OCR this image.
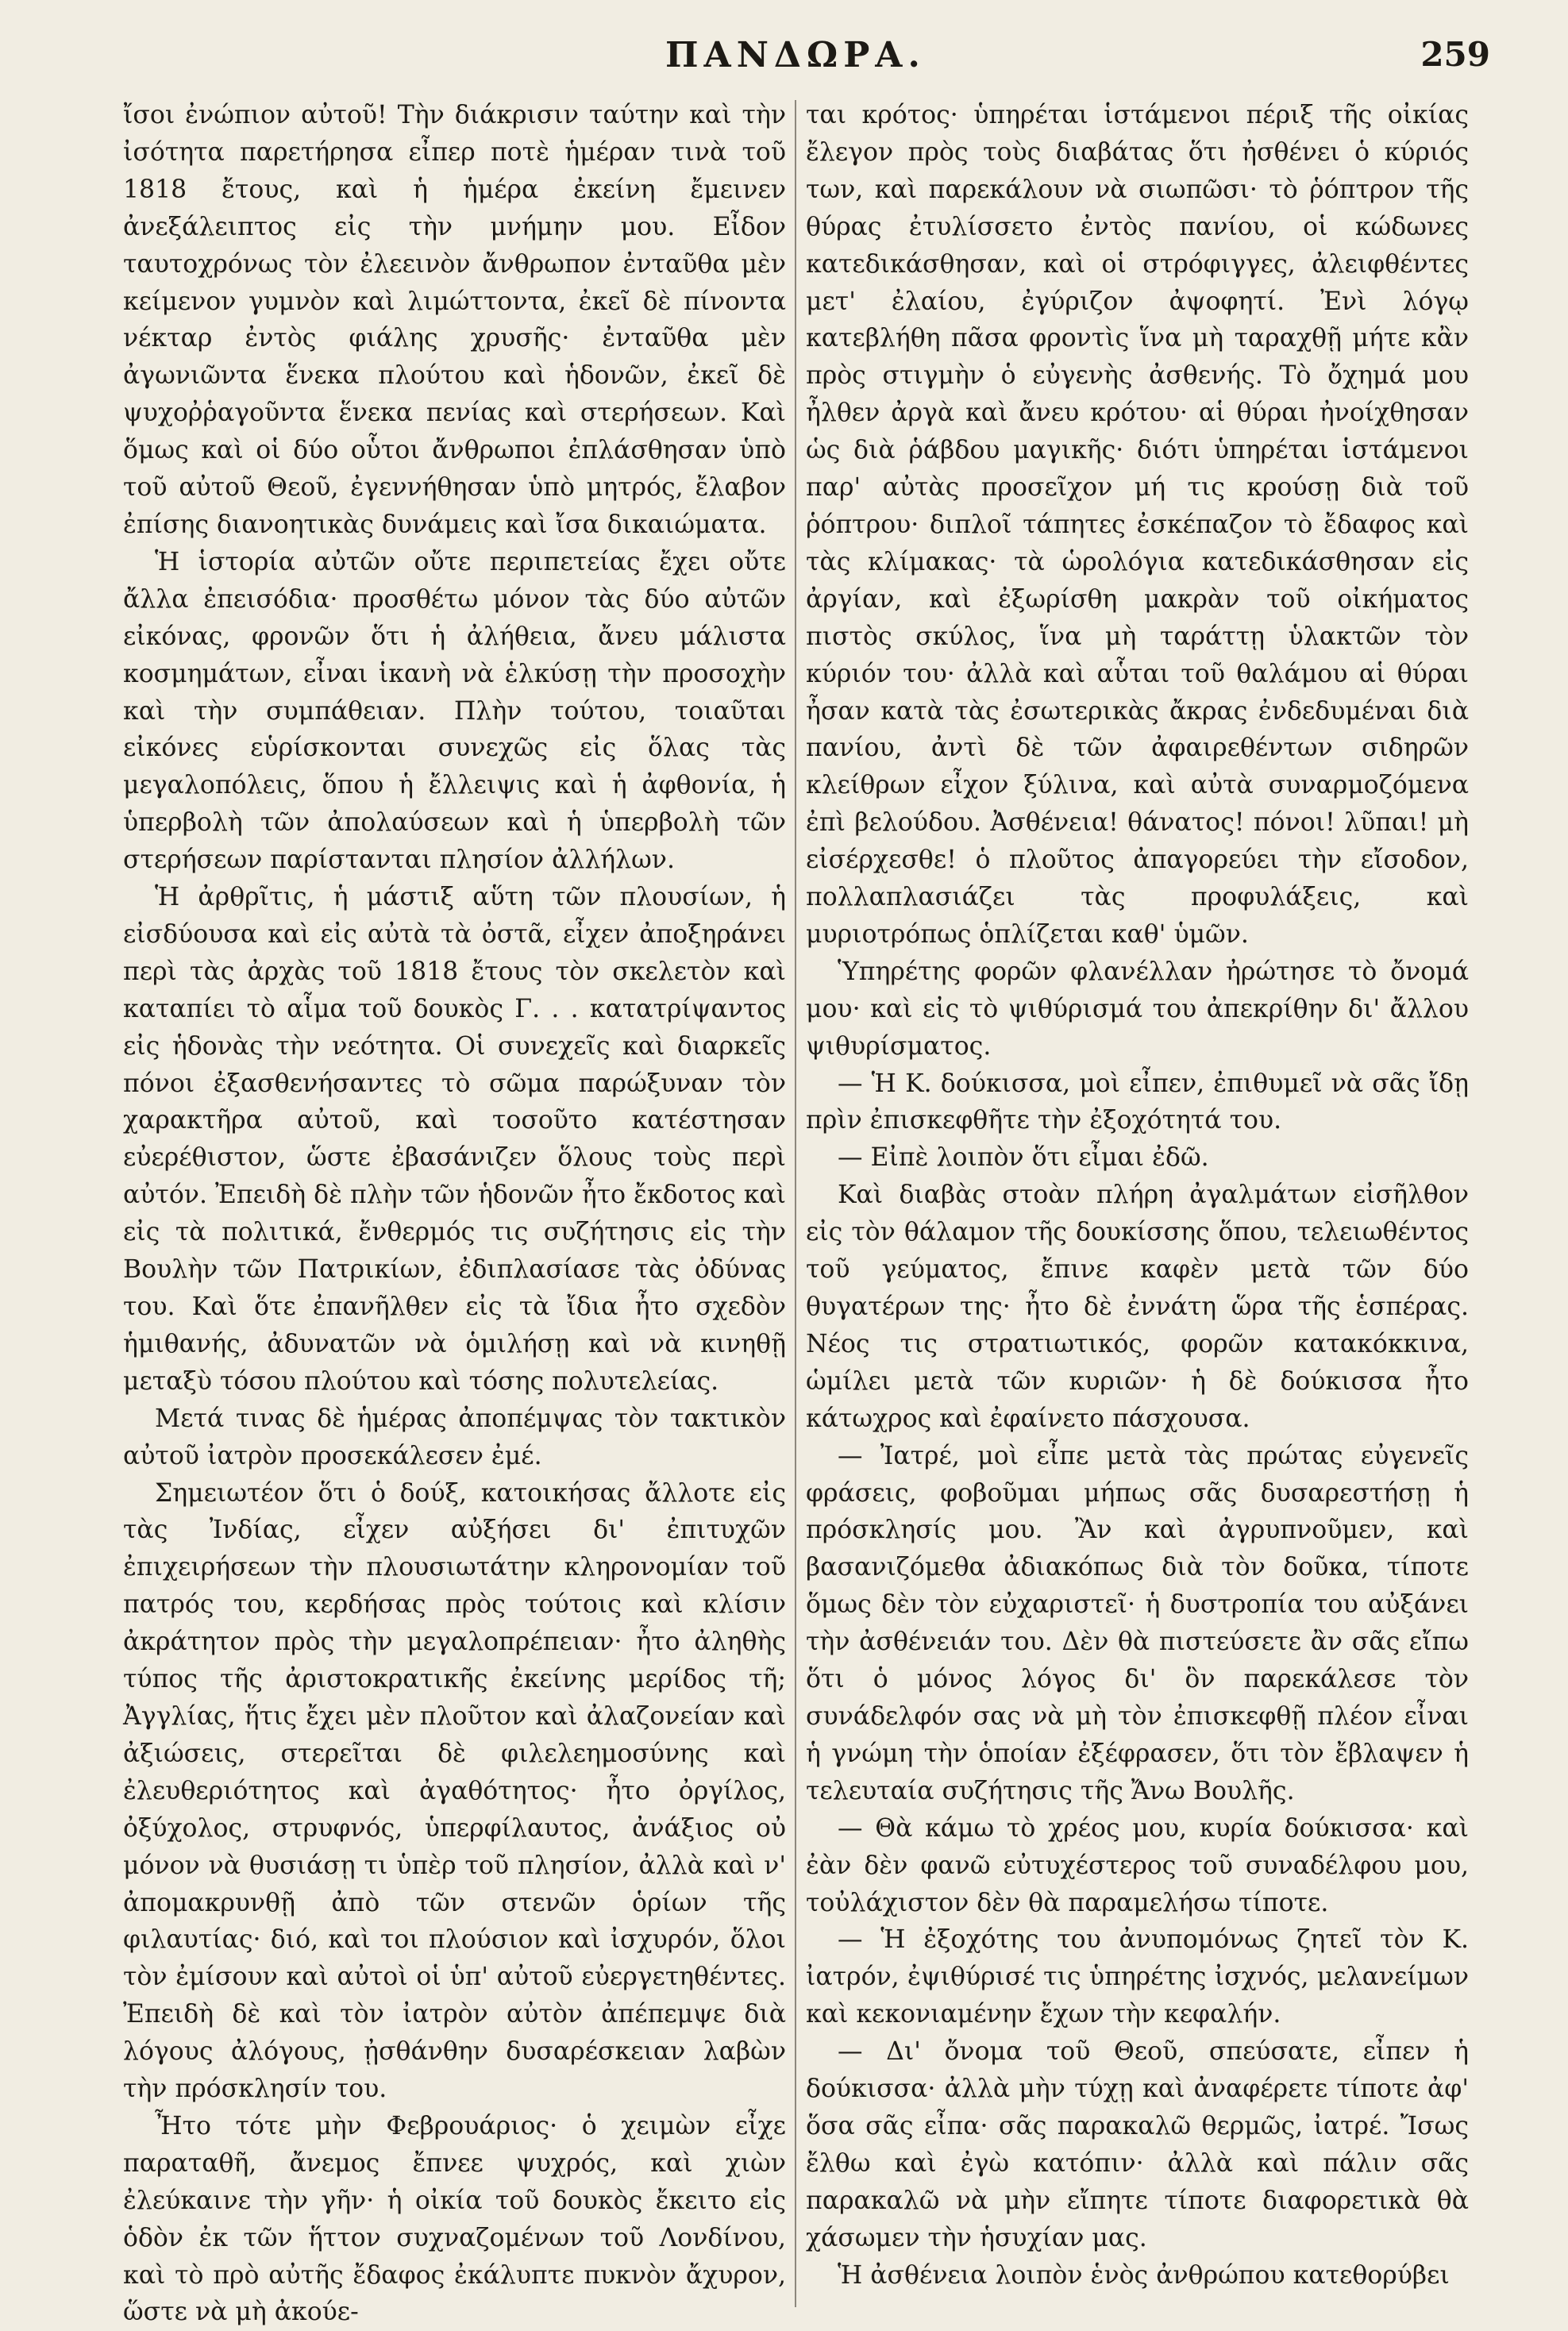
ΠΑΝΔΩΡΑ.	259

ἴσοι ἐνώπιον αὐτοῦ! Τὴν διάκρισιν ταύτην καὶ τὴν ἰσότητα παρετήρησα εἶπερ ποτὲ ἡμέραν τινὰ τοῦ 1818 ἔτους, καὶ ἡ ἡμέρα ἐκείνη ἔμεινεν ἀνεξάλειπτος εἰς τὴν μνήμην μου. Εἶδον ταυτοχρόνως τὸν ἐλεεινὸν ἄνθρωπον ἐνταῦθα μὲν κείμενον γυμνὸν καὶ λιμώττοντα, ἐκεῖ δὲ πίνοντα νέκταρ ἐντὸς φιάλης χρυσῆς· ἐνταῦθα μὲν ἀγωνιῶντα ἕνεκα πλούτου καὶ ἡδονῶν, ἐκεῖ δὲ ψυχοῤῥαγοῦντα ἕνεκα πενίας καὶ στερήσεων. Καὶ ὅμως καὶ οἱ δύο οὗτοι ἄνθρωποι ἐπλάσθησαν ὑπὸ τοῦ αὐτοῦ Θεοῦ, ἐγεννήθησαν ὑπὸ μητρός, ἔλαβον ἐπίσης διανοητικὰς δυνάμεις καὶ ἴσα δικαιώματα.

Ἡ ἱστορία αὐτῶν οὔτε περιπετείας ἔχει οὔτε ἄλλα ἐπεισόδια· προσθέτω μόνον τὰς δύο αὐτῶν εἰκόνας, φρονῶν ὅτι ἡ ἀλήθεια, ἄνευ μάλιστα κοσμημάτων, εἶναι ἱκανὴ νὰ ἑλκύσῃ τὴν προσοχὴν καὶ τὴν συμπάθειαν. Πλὴν τούτου, τοιαῦται εἰκόνες εὑρίσκονται συνεχῶς εἰς ὅλας τὰς μεγαλοπόλεις, ὅπου ἡ ἔλλειψις καὶ ἡ ἀφθονία, ἡ ὑπερβολὴ τῶν ἀπολαύσεων καὶ ἡ ὑπερβολὴ τῶν στερήσεων παρίστανται πλησίον ἀλλήλων.

Ἡ ἀρθρῖτις, ἡ μάστιξ αὕτη τῶν πλουσίων, ἡ εἰσδύουσα καὶ εἰς αὐτὰ τὰ ὀστᾶ, εἶχεν ἀποξηράνει περὶ τὰς ἀρχὰς τοῦ 1818 ἔτους τὸν σκελετὸν καὶ καταπίει τὸ αἷμα τοῦ δουκὸς Γ. . . κατατρίψαντος εἰς ἡδονὰς τὴν νεότητα. Οἱ συνεχεῖς καὶ διαρκεῖς πόνοι ἐξασθενήσαντες τὸ σῶμα παρώξυναν τὸν χαρακτῆρα αὐτοῦ, καὶ τοσοῦτο κατέστησαν εὐερέθιστον, ὥστε ἐβασάνιζεν ὅλους τοὺς περὶ αὐτόν. Ἐπειδὴ δὲ πλὴν τῶν ἡδονῶν ἦτο ἔκδοτος καὶ εἰς τὰ πολιτικά, ἔνθερμός τις συζήτησις εἰς τὴν Βουλὴν τῶν Πατρικίων, ἐδιπλασίασε τὰς ὀδύνας του. Καὶ ὅτε ἐπανῆλθεν εἰς τὰ ἴδια ἦτο σχεδὸν ἡμιθανής, ἀδυνατῶν νὰ ὁμιλήσῃ καὶ νὰ κινηθῇ μεταξὺ τόσου πλούτου καὶ τόσης πολυτελείας.

Μετά τινας δὲ ἡμέρας ἀποπέμψας τὸν τακτικὸν αὐτοῦ ἰατρὸν προσεκάλεσεν ἐμέ.

Σημειωτέον ὅτι ὁ δούξ, κατοικήσας ἄλλοτε εἰς τὰς Ἰνδίας, εἶχεν αὐξήσει δι' ἐπιτυχῶν ἐπιχειρήσεων τὴν πλουσιωτάτην κληρονομίαν τοῦ πατρός του, κερδήσας πρὸς τούτοις καὶ κλίσιν ἀκράτητον πρὸς τὴν μεγαλοπρέπειαν· ἦτο ἀληθὴς τύπος τῆς ἀριστοκρατικῆς ἐκείνης μερίδος τῆ; Ἀγγλίας, ἥτις ἔχει μὲν πλοῦτον καὶ ἀλαζονείαν καὶ ἀξιώσεις, στερεῖται δὲ φιλελεημοσύνης καὶ ἐλευθεριότητος καὶ ἀγαθότητος· ἦτο ὀργίλος, ὀξύχολος, στρυφνός, ὑπερφίλαυτος, ἀνάξιος οὐ μόνον νὰ θυσιάσῃ τι ὑπὲρ τοῦ πλησίον, ἀλλὰ καὶ ν' ἀπομακρυνθῇ ἀπὸ τῶν στενῶν ὁρίων τῆς φιλαυτίας· διό, καὶ τοι πλούσιον καὶ ἰσχυρόν, ὅλοι τὸν ἐμίσουν καὶ αὐτοὶ οἱ ὑπ' αὐτοῦ εὐεργετηθέντες. Ἐπειδὴ δὲ καὶ τὸν ἰατρὸν αὐτὸν ἀπέπεμψε διὰ λόγους ἀλόγους, ᾐσθάνθην δυσαρέσκειαν λαβὼν τὴν πρόσκλησίν του.

Ἦτο τότε μὴν Φεβρουάριος· ὁ χειμὼν εἶχε παραταθῆ, ἄνεμος ἔπνεε ψυχρός, καὶ χιὼν ἐλεύκαινε τὴν γῆν· ἡ οἰκία τοῦ δουκὸς ἔκειτο εἰς ὁδὸν ἐκ τῶν ἥττον συχναζομένων τοῦ Λονδίνου, καὶ τὸ πρὸ αὐτῆς ἔδαφος ἐκάλυπτε πυκνὸν ἄχυρον, ὥστε νὰ μὴ ἀκούε-

ται κρότος· ὑπηρέται ἱστάμενοι πέριξ τῆς οἰκίας ἔλεγον πρὸς τοὺς διαβάτας ὅτι ἠσθένει ὁ κύριός των, καὶ παρεκάλουν νὰ σιωπῶσι· τὸ ῥόπτρον τῆς θύρας ἐτυλίσσετο ἐντὸς πανίου, οἱ κώδωνες κατεδικάσθησαν, καὶ οἱ στρόφιγγες, ἀλειφθέντες μετ' ἐλαίου, ἐγύριζον ἀψοφητί. Ἐνὶ λόγῳ κατεβλήθη πᾶσα φροντὶς ἵνα μὴ ταραχθῇ μήτε κἂν πρὸς στιγμὴν ὁ εὐγενὴς ἀσθενής. Τὸ ὄχημά μου ἦλθεν ἀργὰ καὶ ἄνευ κρότου· αἱ θύραι ἠνοίχθησαν ὡς διὰ ῥάβδου μαγικῆς· διότι ὑπηρέται ἱστάμενοι παρ' αὐτὰς προσεῖχον μή τις κρούσῃ διὰ τοῦ ῥόπτρου· διπλοῖ τάπητες ἐσκέπαζον τὸ ἔδαφος καὶ τὰς κλίμακας· τὰ ὡρολόγια κατεδικάσθησαν εἰς ἀργίαν, καὶ ἐξωρίσθη μακρὰν τοῦ οἰκήματος πιστὸς σκύλος, ἵνα μὴ ταράττῃ ὑλακτῶν τὸν κύριόν του· ἀλλὰ καὶ αὗται τοῦ θαλάμου αἱ θύραι ἦσαν κατὰ τὰς ἐσωτερικὰς ἄκρας ἐνδεδυμέναι διὰ πανίου, ἀντὶ δὲ τῶν ἀφαιρεθέντων σιδηρῶν κλείθρων εἶχον ξύλινα, καὶ αὐτὰ συναρμοζόμενα ἐπὶ βελούδου. Ἀσθένεια! θάνατος! πόνοι! λῦπαι! μὴ εἰσέρχεσθε! ὁ πλοῦτος ἀπαγορεύει τὴν εἴσοδον, πολλαπλασιάζει τὰς προφυλάξεις, καὶ μυριοτρόπως ὁπλίζεται καθ' ὑμῶν.

Ὑπηρέτης φορῶν φλανέλλαν ἠρώτησε τὸ ὄνομά μου· καὶ εἰς τὸ ψιθύρισμά του ἀπεκρίθην δι' ἄλλου ψιθυρίσματος.

— Ἡ Κ. δούκισσα, μοὶ εἶπεν, ἐπιθυμεῖ νὰ σᾶς ἴδῃ πρὶν ἐπισκεφθῆτε τὴν ἐξοχότητά του.

— Εἰπὲ λοιπὸν ὅτι εἶμαι ἐδῶ.

Καὶ διαβὰς στοὰν πλήρη ἀγαλμάτων εἰσῆλθον εἰς τὸν θάλαμον τῆς δουκίσσης ὅπου, τελειωθέντος τοῦ γεύματος, ἔπινε καφὲν μετὰ τῶν δύο θυγατέρων της· ἦτο δὲ ἐννάτη ὥρα τῆς ἑσπέρας. Νέος τις στρατιωτικός, φορῶν κατακόκκινα, ὡμίλει μετὰ τῶν κυριῶν· ἡ δὲ δούκισσα ἦτο κάτωχρος καὶ ἐφαίνετο πάσχουσα.

— Ἰατρέ, μοὶ εἶπε μετὰ τὰς πρώτας εὐγενεῖς φράσεις, φοβοῦμαι μήπως σᾶς δυσαρεστήσῃ ἡ πρόσκλησίς μου. Ἂν καὶ ἀγρυπνοῦμεν, καὶ βασανιζόμεθα ἀδιακόπως διὰ τὸν δοῦκα, τίποτε ὅμως δὲν τὸν εὐχαριστεῖ· ἡ δυστροπία του αὐξάνει τὴν ἀσθένειάν του. Δὲν θὰ πιστεύσετε ἂν σᾶς εἴπω ὅτι ὁ μόνος λόγος δι' ὃν παρεκάλεσε τὸν συνάδελφόν σας νὰ μὴ τὸν ἐπισκεφθῇ πλέον εἶναι ἡ γνώμη τὴν ὁποίαν ἐξέφρασεν, ὅτι τὸν ἔβλαψεν ἡ τελευταία συζήτησις τῆς Ἄνω Βουλῆς.

— Θὰ κάμω τὸ χρέος μου, κυρία δούκισσα· καὶ ἐὰν δὲν φανῶ εὐτυχέστερος τοῦ συναδέλφου μου, τοὐλάχιστον δὲν θὰ παραμελήσω τίποτε.

— Ἡ ἐξοχότης του ἀνυπομόνως ζητεῖ τὸν Κ. ἰατρόν, ἐψιθύρισέ τις ὑπηρέτης ἰσχνός, μελανείμων καὶ κεκονιαμένην ἔχων τὴν κεφαλήν.

— Δι' ὄνομα τοῦ Θεοῦ, σπεύσατε, εἶπεν ἡ δούκισσα· ἀλλὰ μὴν τύχῃ καὶ ἀναφέρετε τίποτε ἀφ' ὅσα σᾶς εἶπα· σᾶς παρακαλῶ θερμῶς, ἰατρέ. Ἴσως ἔλθω καὶ ἐγὼ κατόπιν· ἀλλὰ καὶ πάλιν σᾶς παρακαλῶ νὰ μὴν εἴπητε τίποτε διαφορετικὰ θὰ χάσωμεν τὴν ἡσυχίαν μας.

Ἡ ἀσθένεια λοιπὸν ἑνὸς ἀνθρώπου κατεθορύβει
